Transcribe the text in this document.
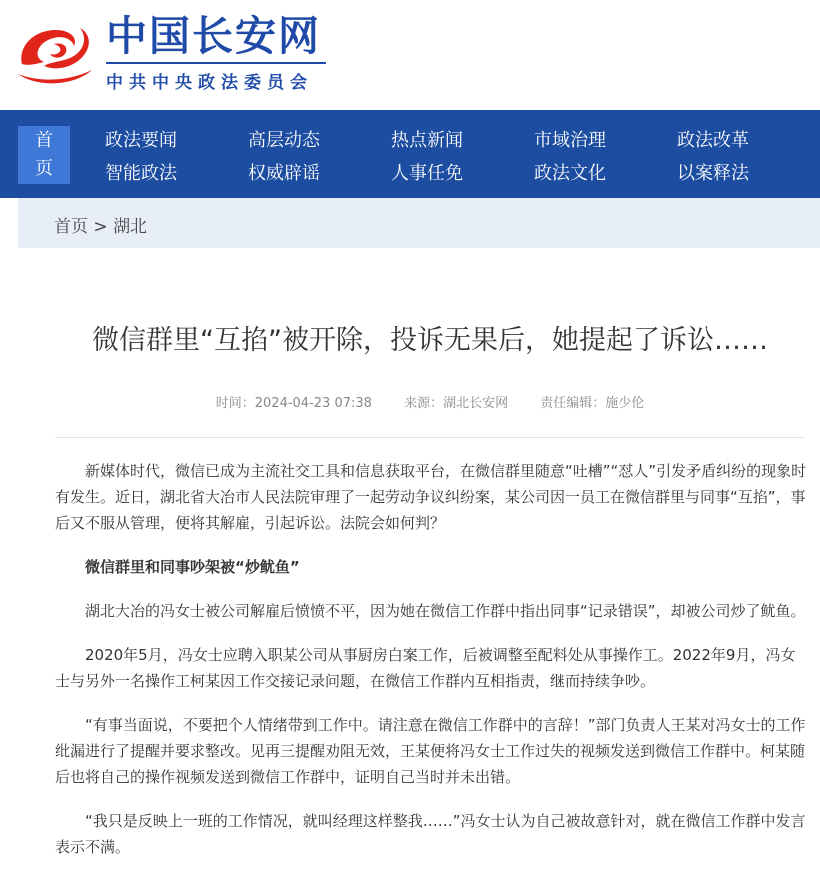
中国长安网
中共中央政法委员会
首
页
政法要闻	高层动态	热点新闻	市域治理	政法改革
智能政法	权威辟谣	人事任免	政法文化	以案释法
首页 > 湖北
微信群里“互掐”被开除，投诉无果后，她提起了诉讼……
时间：2024-04-23 07:38 来源：湖北长安网 责任编辑：施少伦

新媒体时代，微信已成为主流社交工具和信息获取平台，在微信群里随意“吐槽”“怼人”引发矛盾纠纷的现象时有发生。近日，湖北省大冶市人民法院审理了一起劳动争议纠纷案，某公司因一员工在微信群里与同事“互掐”，事后又不服从管理，便将其解雇，引起诉讼。法院会如何判？

微信群里和同事吵架被“炒鱿鱼”

湖北大冶的冯女士被公司解雇后愤愤不平，因为她在微信工作群中指出同事“记录错误”，却被公司炒了鱿鱼。

2020年5月，冯女士应聘入职某公司从事厨房白案工作，后被调整至配料处从事操作工。2022年9月，冯女士与另外一名操作工柯某因工作交接记录问题，在微信工作群内互相指责，继而持续争吵。

“有事当面说，不要把个人情绪带到工作中。请注意在微信工作群中的言辞！”部门负责人王某对冯女士的工作纰漏进行了提醒并要求整改。见再三提醒劝阻无效，王某便将冯女士工作过失的视频发送到微信工作群中。柯某随后也将自己的操作视频发送到微信工作群中，证明自己当时并未出错。

“我只是反映上一班的工作情况，就叫经理这样整我……”冯女士认为自己被故意针对，就在微信工作群中发言表示不满。
